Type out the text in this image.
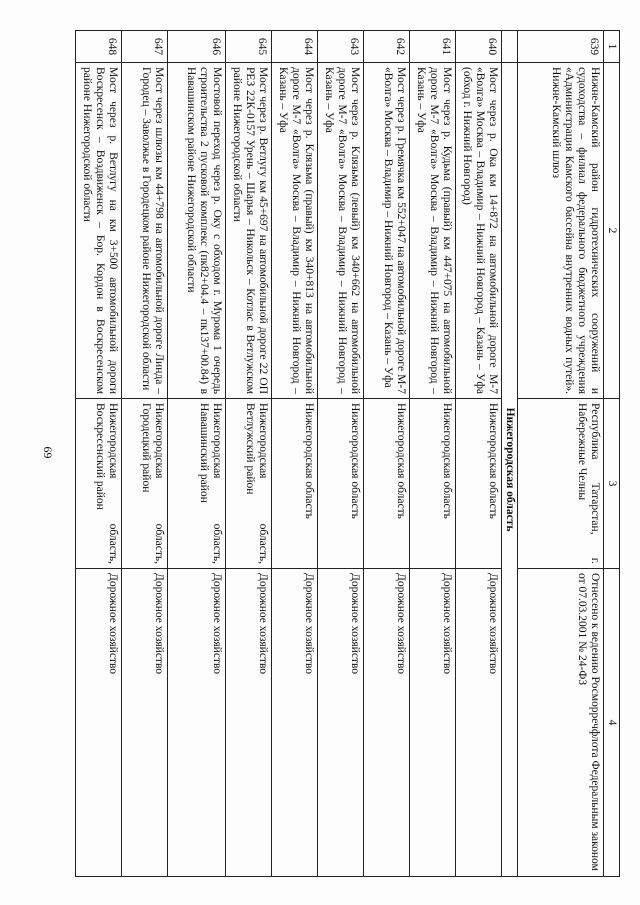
69
1	2	3	4
639	Нижне-Камский район гидротехнических сооружений и судоходства – филиал федерального бюджетного учреждения «Администрация Камского бассейна внутренних водных путей». Нижне-Камский шлюз	Республика Татарстан, г. Набережные Челны	Отнесено к ведению Росморречфлота Федеральным законом от 07.03.2001 № 24-ФЗ
	Нижегородская область		
640	Мост через р. Ока км 14+872 на автомобильной дороге М-7 «Волга» Москва – Владимир – Нижний Новгород – Казань – Уфа (обход г. Нижний Новгород)	Нижегородская область	Дорожное хозяйство
641	Мост через р. Кудьма (правый) км 447+075 на автомобильной дороге М-7 «Волга» Москва – Владимир – Нижний Новгород – Казань – Уфа	Нижегородская область	Дорожное хозяйство
642	Мост через р. Гремячка км 552+047 на автомобильной дороге М-7 «Волга» Москва – Владимир – Нижний Новгород – Казань – Уфа	Нижегородская область	Дорожное хозяйство
643	Мост через р. Клязьма (левый) км 340+662 на автомобильной дороге М-7 «Волга» Москва – Владимир – Нижний Новгород – Казань – Уфа	Нижегородская область	Дорожное хозяйство
644	Мост через р. Клязьма (правый) км 340+813 на автомобильной дороге М-7 «Волга» Москва – Владимир – Нижний Новгород – Казань – Уфа	Нижегородская область	Дорожное хозяйство
645	Мост через р. Ветлугу км 45+697 на автомобильной дороге 22 ОП РЕЗ 22К-0157 Урень – Шарья – Никольск – Котлас в Ветлужском районе Нижегородской области	Нижегородская область, Ветлужский район	Дорожное хозяйство
646	Мостовой переход через р. Оку с обходом г. Мурома 1 очередь строительства 2 пусковой комплекс (пк82+04.4 – пк137+00.84) в Навашинском районе Нижегородской области	Нижегородская область, Навашинский район	Дорожное хозяйство
647	Мост через шлюзы км 44+798 на автомобильной дороге Линда – Городец – Заволжье в Городецком районе Нижегородской области	Нижегородская область, Городецкий район	Дорожное хозяйство
648	Мост через р. Ветлугу на км 3+500 автомобильной дороги Воскресенск – Воздвиженск – Бор. Кордон в Воскресенском районе Нижегородской области	Нижегородская область, Воскресенский район	Дорожное хозяйство
